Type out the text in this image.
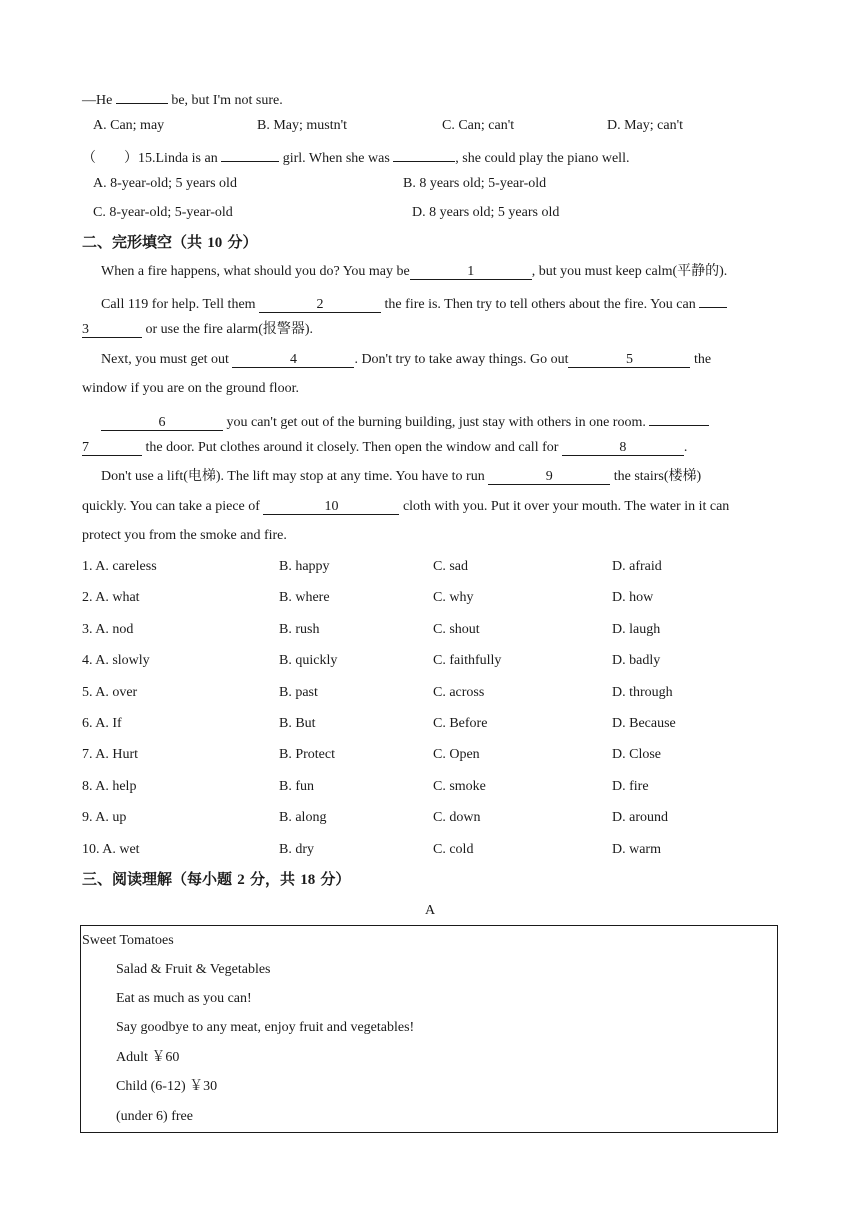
—He	be, but I'm not sure.
A. Can; may	B. May; mustn't	C. Can; can't	D. May; can't
（　　）15.Linda is an	girl. When she was	, she could play the piano well.
A. 8-year-old; 5 years old	B. 8 years old; 5-year-old
C. 8-year-old; 5-year-old	D. 8 years old; 5 years old
二、完形填空（共 10 分）
When a fire happens, what should you do? You may be	1	, but you must keep calm(平静的).
Call 119 for help. Tell them	2	the fire is. Then try to tell others about the fire. You can
3	or use the fire alarm(报警器).
Next, you must get out	4	. Don't try to take away things. Go out	5	the
window if you are on the ground floor.
6	you can't get out of the burning building, just stay with others in one room.
7	the door. Put clothes around it closely. Then open the window and call for	8	.
Don't use a lift(电梯). The lift may stop at any time. You have to run	9	the stairs(楼梯)
quickly. You can take a piece of	10	cloth with you. Put it over your mouth. The water in it can
protect you from the smoke and fire.
1. A. careless	B. happy	C. sad	D. afraid
2. A. what	B. where	C. why	D. how
3. A. nod	B. rush	C. shout	D. laugh
4. A. slowly	B. quickly	C. faithfully	D. badly
5. A. over	B. past	C. across	D. through
6. A. If	B. But	C. Before	D. Because
7. A. Hurt	B. Protect	C. Open	D. Close
8. A. help	B. fun	C. smoke	D. fire
9. A. up	B. along	C. down	D. around
10. A. wet	B. dry	C. cold	D. warm
三、阅读理解（每小题 2 分，共 18 分）
A
Sweet Tomatoes
Salad & Fruit & Vegetables
Eat as much as you can!
Say goodbye to any meat, enjoy fruit and vegetables!
Adult ￥60
Child (6-12) ￥30
(under 6) free
